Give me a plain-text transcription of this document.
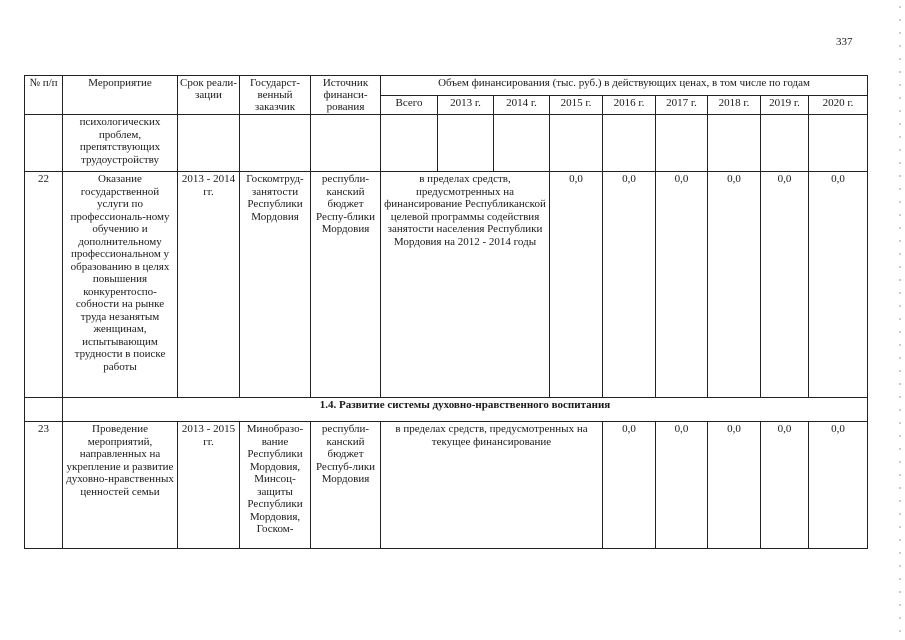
337
№ п/п	Мероприятие	Срок реали-зации	Государст-венный заказчик	Источник финанси-рования	Объем финансирования (тыс. руб.) в действующих ценах, в том числе по годам								
					Всего	2013 г.	2014 г.	2015 г.	2016 г.	2017 г.	2018 г.	2019 г.	2020 г.
	психологических проблем, препятствующих трудоустройству												
22	Оказание государственной услуги по профессиональ-ному обучению и дополнительному профессиональном у образованию в целях повышения конкурентоспо-собности на рынке труда незанятым женщинам, испытывающим трудности в поиске работы	2013 - 2014 гг.	Госкомтруд-занятости Республики Мордовия	республи-канский бюджет Респу-блики Мордовия	в пределах средств, предусмотренных на финансирование Республиканской целевой программы содействия занятости населения Республики Мордовия на 2012 - 2014 годы			0,0	0,0	0,0	0,0	0,0	0,0
	1.4. Развитие системы духовно-нравственного воспитания												
23	Проведение мероприятий, направленных на укрепление и развитие духовно-нравственных ценностей семьи	2013 - 2015 гг.	Минобразо-вание Республики Мордовия, Минсоц-защиты Республики Мордовия, Госком-	республи-канский бюджет Респуб-лики Мордовия	в пределах средств, предусмотренных на текущее финансирование				0,0	0,0	0,0	0,0	0,0
